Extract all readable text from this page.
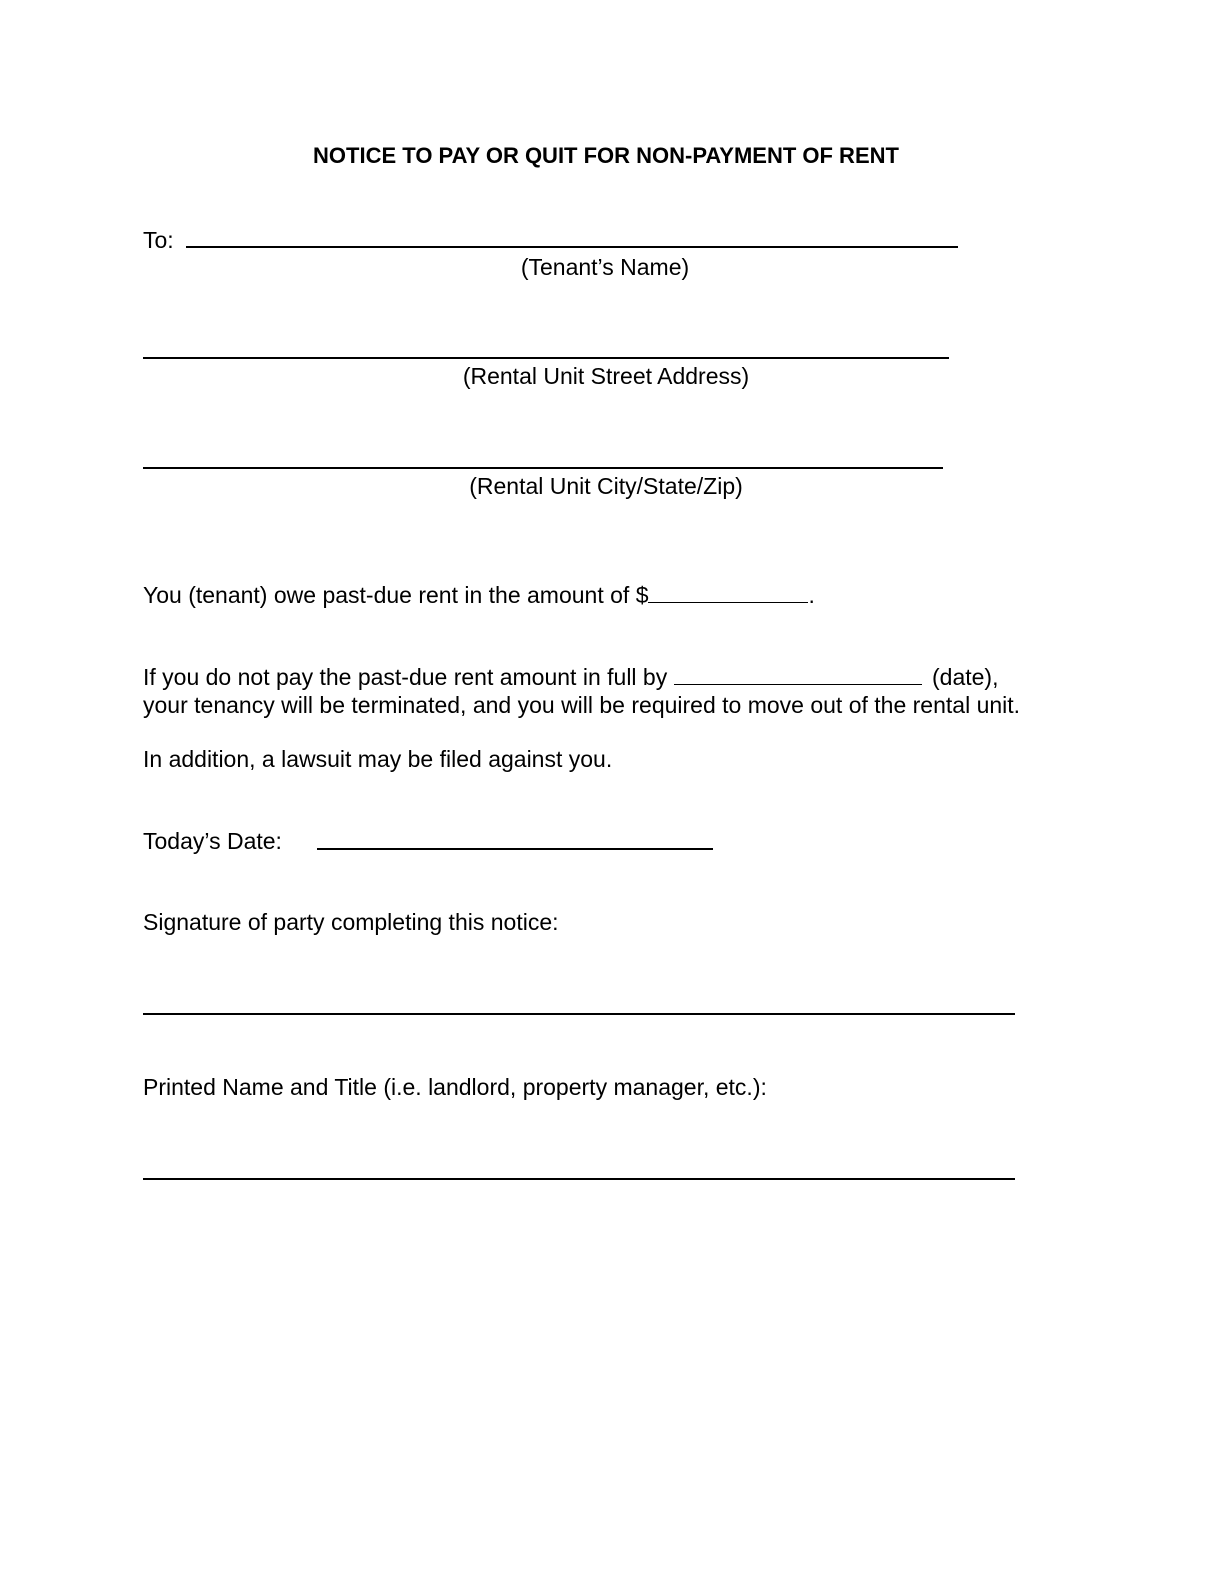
NOTICE TO PAY OR QUIT FOR NON-PAYMENT OF RENT
To:
(Tenant’s Name)
(Rental Unit Street Address)
(Rental Unit City/State/Zip)
You (tenant) owe past-due rent in the amount of $	.
If you do not pay the past-due rent amount in full by	(date),
your tenancy will be terminated, and you will be required to move out of the rental unit.
In addition, a lawsuit may be filed against you.
Today’s Date:
Signature of party completing this notice:
Printed Name and Title (i.e. landlord, property manager, etc.):
